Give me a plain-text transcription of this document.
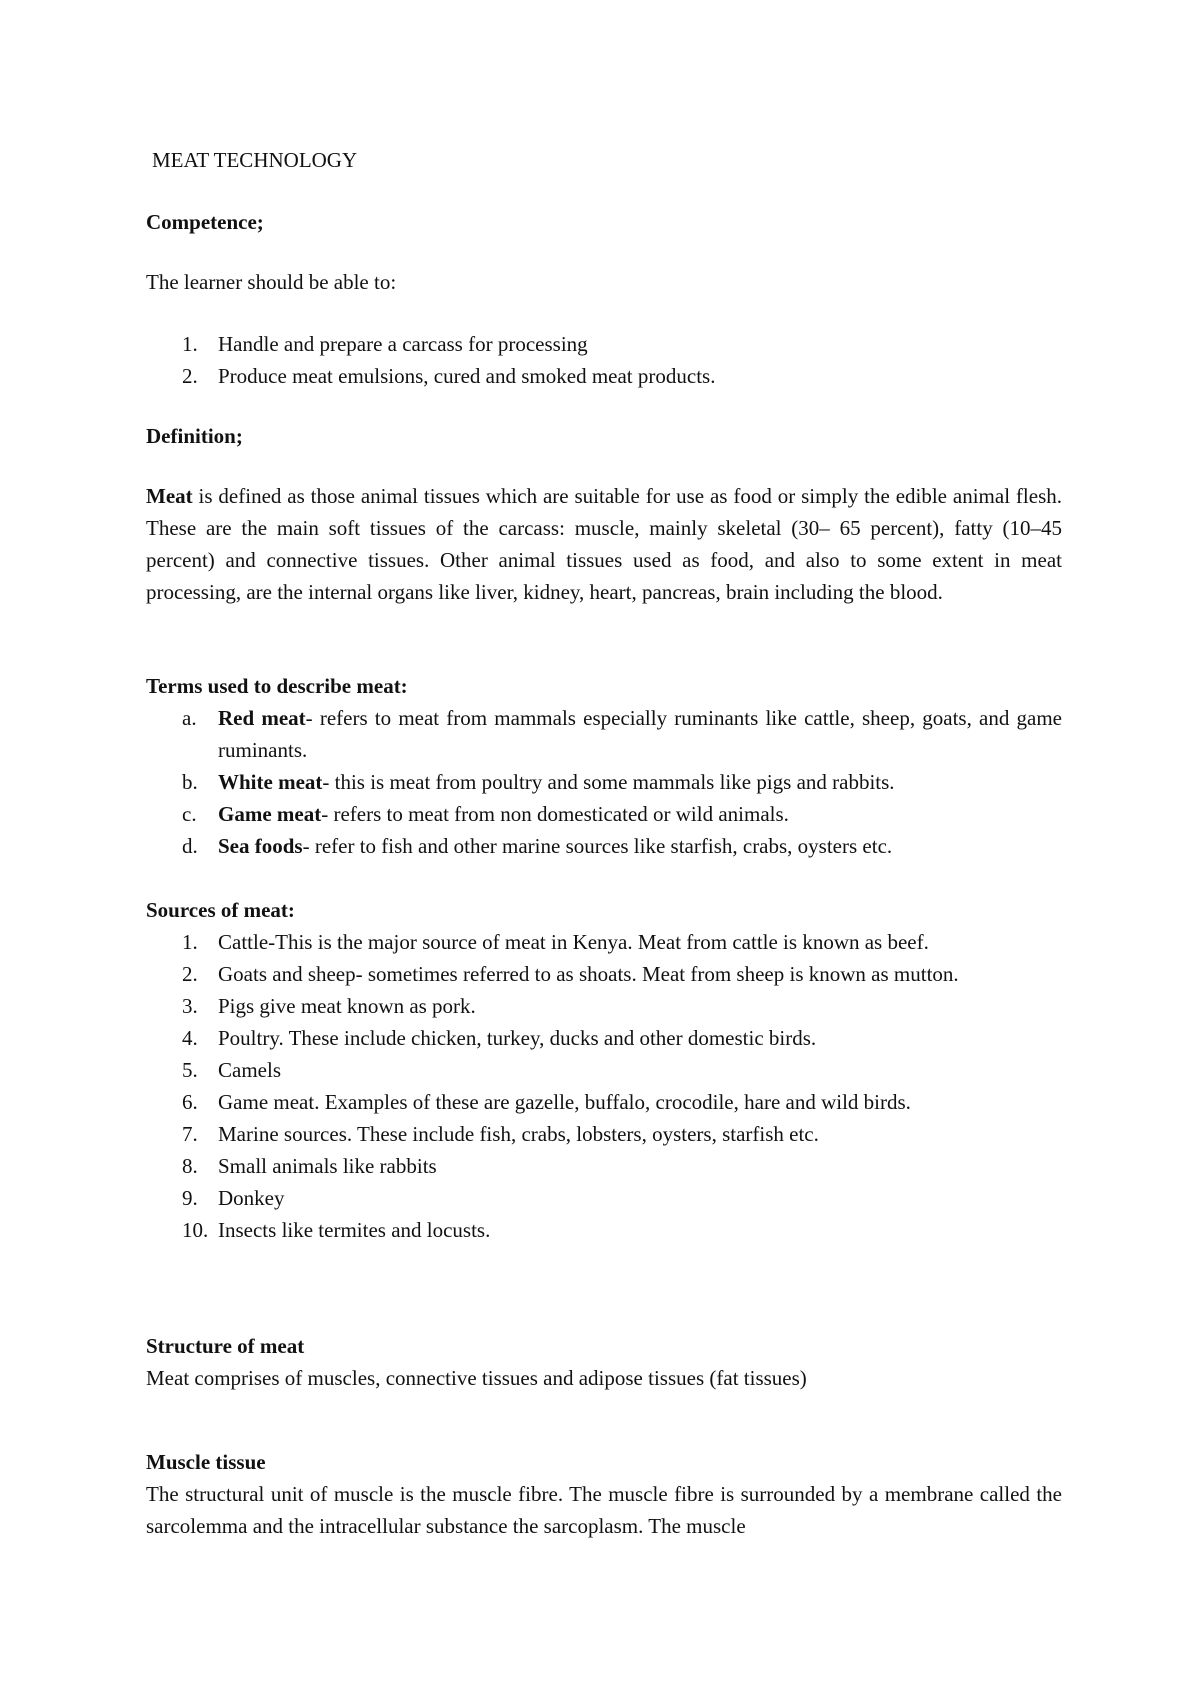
MEAT TECHNOLOGY
Competence;
The learner should be able to:
1. Handle and prepare a carcass for processing
2. Produce meat emulsions, cured and smoked meat products.
Definition;
Meat is defined as those animal tissues which are suitable for use as food or simply the edible animal flesh. These are the main soft tissues of the carcass: muscle, mainly skeletal (30– 65 percent), fatty (10–45 percent) and connective tissues. Other animal tissues used as food, and also to some extent in meat processing, are the internal organs like liver, kidney, heart, pancreas, brain including the blood.
Terms used to describe meat:
a. Red meat- refers to meat from mammals especially ruminants like cattle, sheep, goats, and game ruminants.
b. White meat- this is meat from poultry and some mammals like pigs and rabbits.
c. Game meat- refers to meat from non domesticated or wild animals.
d. Sea foods- refer to fish and other marine sources like starfish, crabs, oysters etc.
Sources of meat:
1. Cattle-This is the major source of meat in Kenya. Meat from cattle is known as beef.
2. Goats and sheep- sometimes referred to as shoats. Meat from sheep is known as mutton.
3. Pigs give meat known as pork.
4. Poultry. These include chicken, turkey, ducks and other domestic birds.
5. Camels
6. Game meat. Examples of these are gazelle, buffalo, crocodile, hare and wild birds.
7. Marine sources. These include fish, crabs, lobsters, oysters, starfish etc.
8. Small animals like rabbits
9. Donkey
10. Insects like termites and locusts.
Structure of meat
Meat comprises of muscles, connective tissues and adipose tissues (fat tissues)
Muscle tissue
The structural unit of muscle is the muscle fibre. The muscle fibre is surrounded by a membrane called the sarcolemma and the intracellular substance the sarcoplasm. The muscle
